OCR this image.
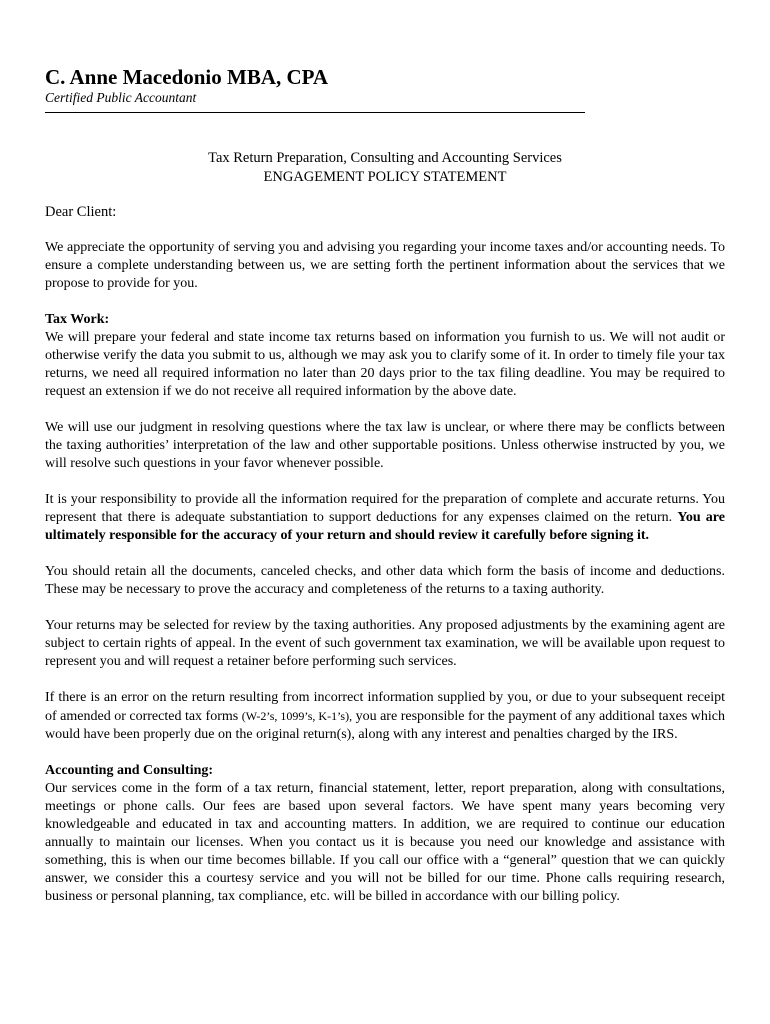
C. Anne Macedonio MBA, CPA
Certified Public Accountant
Tax Return Preparation, Consulting and Accounting Services
ENGAGEMENT POLICY STATEMENT
Dear Client:

We appreciate the opportunity of serving you and advising you regarding your income taxes and/or accounting needs. To ensure a complete understanding between us, we are setting forth the pertinent information about the services that we propose to provide for you.

Tax Work:

We will prepare your federal and state income tax returns based on information you furnish to us. We will not audit or otherwise verify the data you submit to us, although we may ask you to clarify some of it. In order to timely file your tax returns, we need all required information no later than 20 days prior to the tax filing deadline. You may be required to request an extension if we do not receive all required information by the above date.

We will use our judgment in resolving questions where the tax law is unclear, or where there may be conflicts between the taxing authorities’ interpretation of the law and other supportable positions. Unless otherwise instructed by you, we will resolve such questions in your favor whenever possible.

It is your responsibility to provide all the information required for the preparation of complete and accurate returns. You represent that there is adequate substantiation to support deductions for any expenses claimed on the return. You are ultimately responsible for the accuracy of your return and should review it carefully before signing it.

You should retain all the documents, canceled checks, and other data which form the basis of income and deductions. These may be necessary to prove the accuracy and completeness of the returns to a taxing authority.

Your returns may be selected for review by the taxing authorities. Any proposed adjustments by the examining agent are subject to certain rights of appeal. In the event of such government tax examination, we will be available upon request to represent you and will request a retainer before performing such services.

If there is an error on the return resulting from incorrect information supplied by you, or due to your subsequent receipt of amended or corrected tax forms (W-2’s, 1099’s, K-1’s), you are responsible for the payment of any additional taxes which would have been properly due on the original return(s), along with any interest and penalties charged by the IRS.

Accounting and Consulting:

Our services come in the form of a tax return, financial statement, letter, report preparation, along with consultations, meetings or phone calls. Our fees are based upon several factors. We have spent many years becoming very knowledgeable and educated in tax and accounting matters. In addition, we are required to continue our education annually to maintain our licenses. When you contact us it is because you need our knowledge and assistance with something, this is when our time becomes billable. If you call our office with a “general” question that we can quickly answer, we consider this a courtesy service and you will not be billed for our time. Phone calls requiring research, business or personal planning, tax compliance, etc. will be billed in accordance with our billing policy.
